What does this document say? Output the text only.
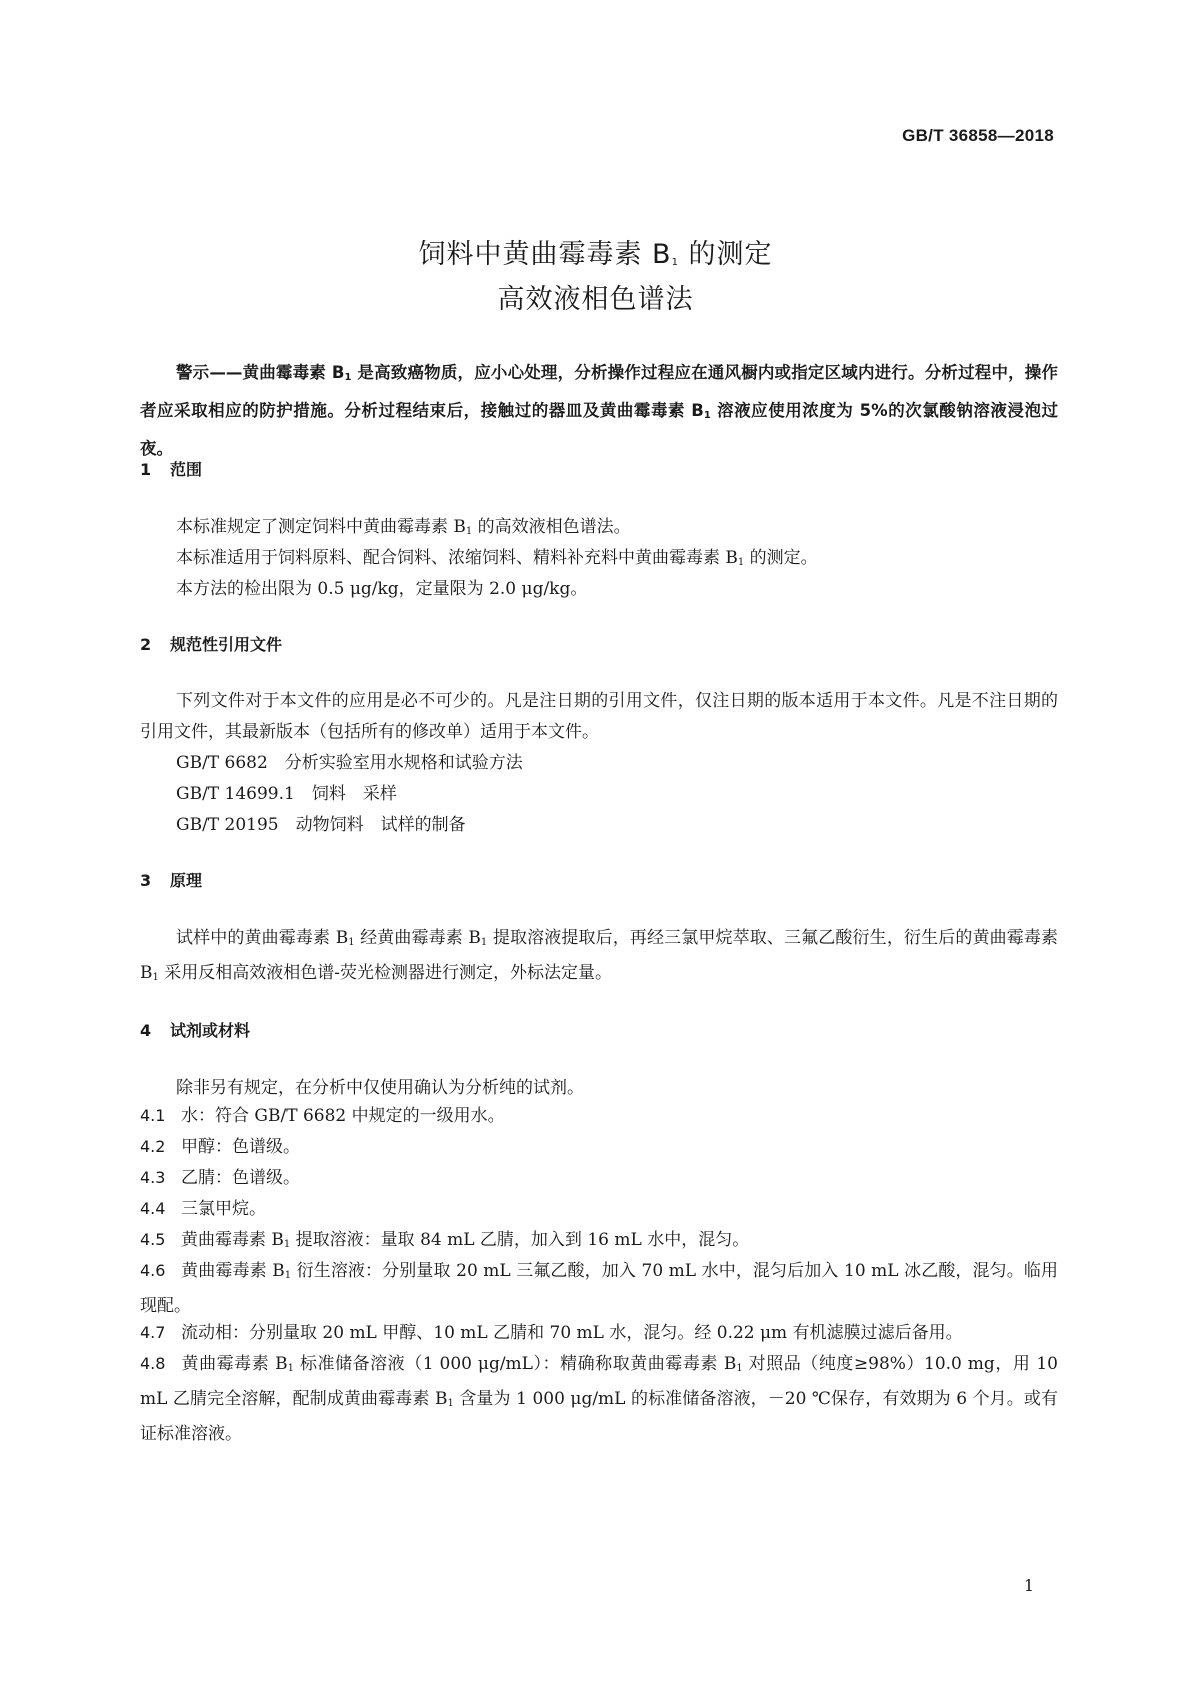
GB/T 36858—2018
饲料中黄曲霉毒素 $B_1$ 的测定
高效液相色谱法
警示——黄曲霉毒素 $B_1$ 是高致癌物质，应小心处理，分析操作过程应在通风橱内或指定区域内进行。分析过程中，操作者应采取相应的防护措施。分析过程结束后，接触过的器皿及黄曲霉毒素 $B_1$ 溶液应使用浓度为 5%的次氯酸钠溶液浸泡过夜。
1 范围
本标准规定了测定饲料中黄曲霉毒素 $B_1$ 的高效液相色谱法。
本标准适用于饲料原料、配合饲料、浓缩饲料、精料补充料中黄曲霉毒素 $B_1$ 的测定。
本方法的检出限为 0.5 μg/kg，定量限为 2.0 μg/kg。
2 规范性引用文件
下列文件对于本文件的应用是必不可少的。凡是注日期的引用文件，仅注日期的版本适用于本文件。凡是不注日期的引用文件，其最新版本（包括所有的修改单）适用于本文件。
GB/T 6682　分析实验室用水规格和试验方法
GB/T 14699.1　饲料　采样
GB/T 20195　动物饲料　试样的制备
3 原理
试样中的黄曲霉毒素 $B_1$ 经黄曲霉毒素 $B_1$ 提取溶液提取后，再经三氯甲烷萃取、三氟乙酸衍生，衍生后的黄曲霉毒素 $B_1$ 采用反相高效液相色谱-荧光检测器进行测定，外标法定量。
4 试剂或材料
除非另有规定，在分析中仅使用确认为分析纯的试剂。
4.1 水：符合 GB/T 6682 中规定的一级用水。
4.2 甲醇：色谱级。
4.3 乙腈：色谱级。
4.4 三氯甲烷。
4.5 黄曲霉毒素 $B_1$ 提取溶液：量取 84 mL 乙腈，加入到 16 mL 水中，混匀。
4.6 黄曲霉毒素 $B_1$ 衍生溶液：分别量取 20 mL 三氟乙酸，加入 70 mL 水中，混匀后加入 10 mL 冰乙酸，混匀。临用现配。
4.7 流动相：分别量取 20 mL 甲醇、10 mL 乙腈和 70 mL 水，混匀。经 0.22 μm 有机滤膜过滤后备用。
4.8 黄曲霉毒素 $B_1$ 标准储备溶液（1 000 μg/mL）：精确称取黄曲霉毒素 $B_1$ 对照品（纯度≥98%）10.0 mg，用 10 mL 乙腈完全溶解，配制成黄曲霉毒素 $B_1$ 含量为 1 000 μg/mL 的标准储备溶液，－20 ℃保存，有效期为 6 个月。或有证标准溶液。
1
